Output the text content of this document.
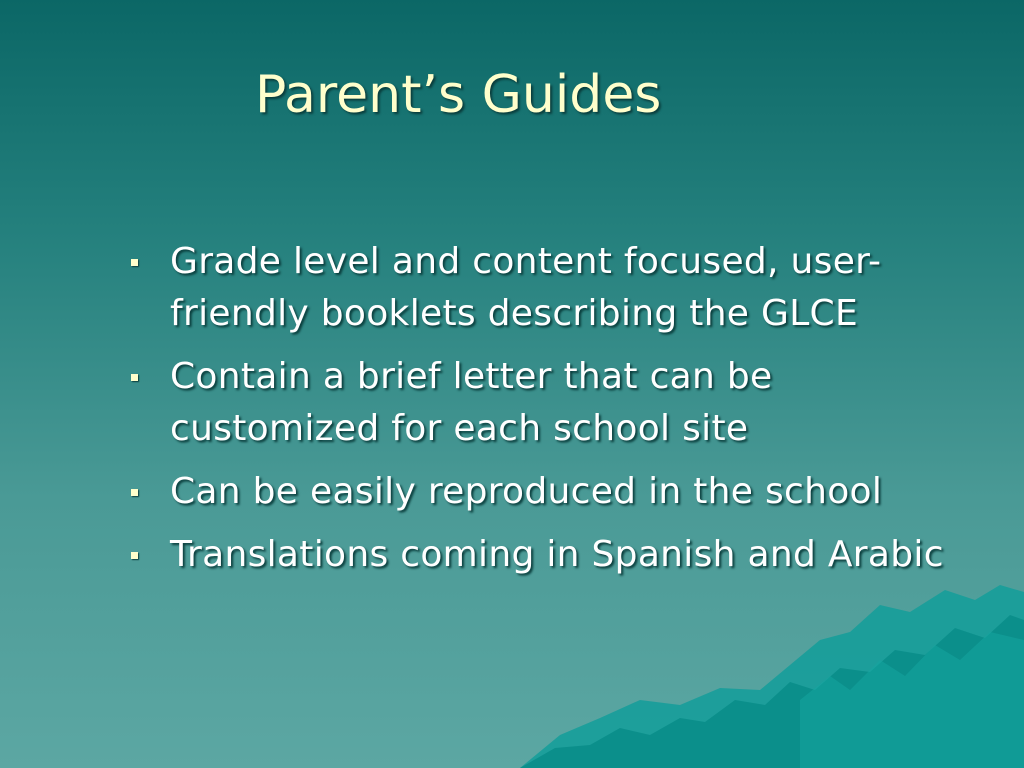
Parent’s Guides
Grade level and content focused, user-friendly booklets describing the GLCE
Contain a brief letter that can be customized for each school site
Can be easily reproduced in the school
Translations coming in Spanish and Arabic
